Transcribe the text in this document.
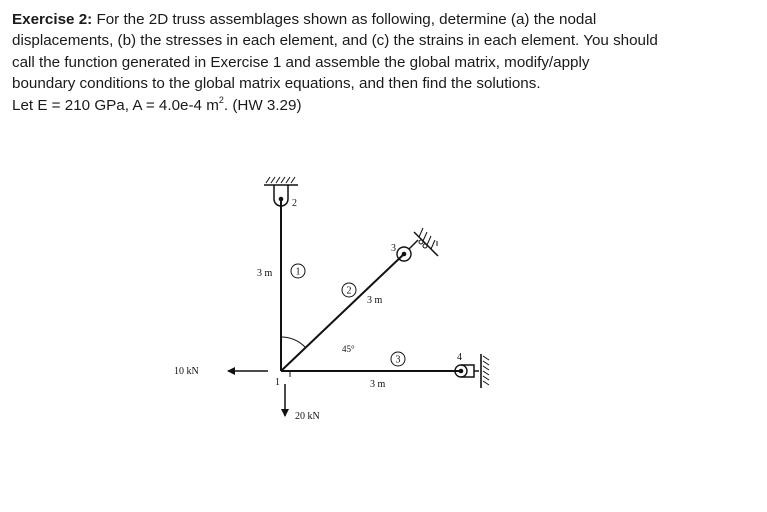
Exercise 2: For the 2D truss assemblages shown as following, determine (a) the nodal

displacements, (b) the stresses in each element, and (c) the strains in each element. You should

call the function generated in Exercise 1 and assemble the global matrix, modify/apply

boundary conditions to the global matrix equations, and then find the solutions.

Let E = 210 GPa, A = 4.0e-4 $m^2$. (HW 3.29)

2
3
4
1
1
2
3
3 m
3 m
3 m
45°
10 kN
20 kN
